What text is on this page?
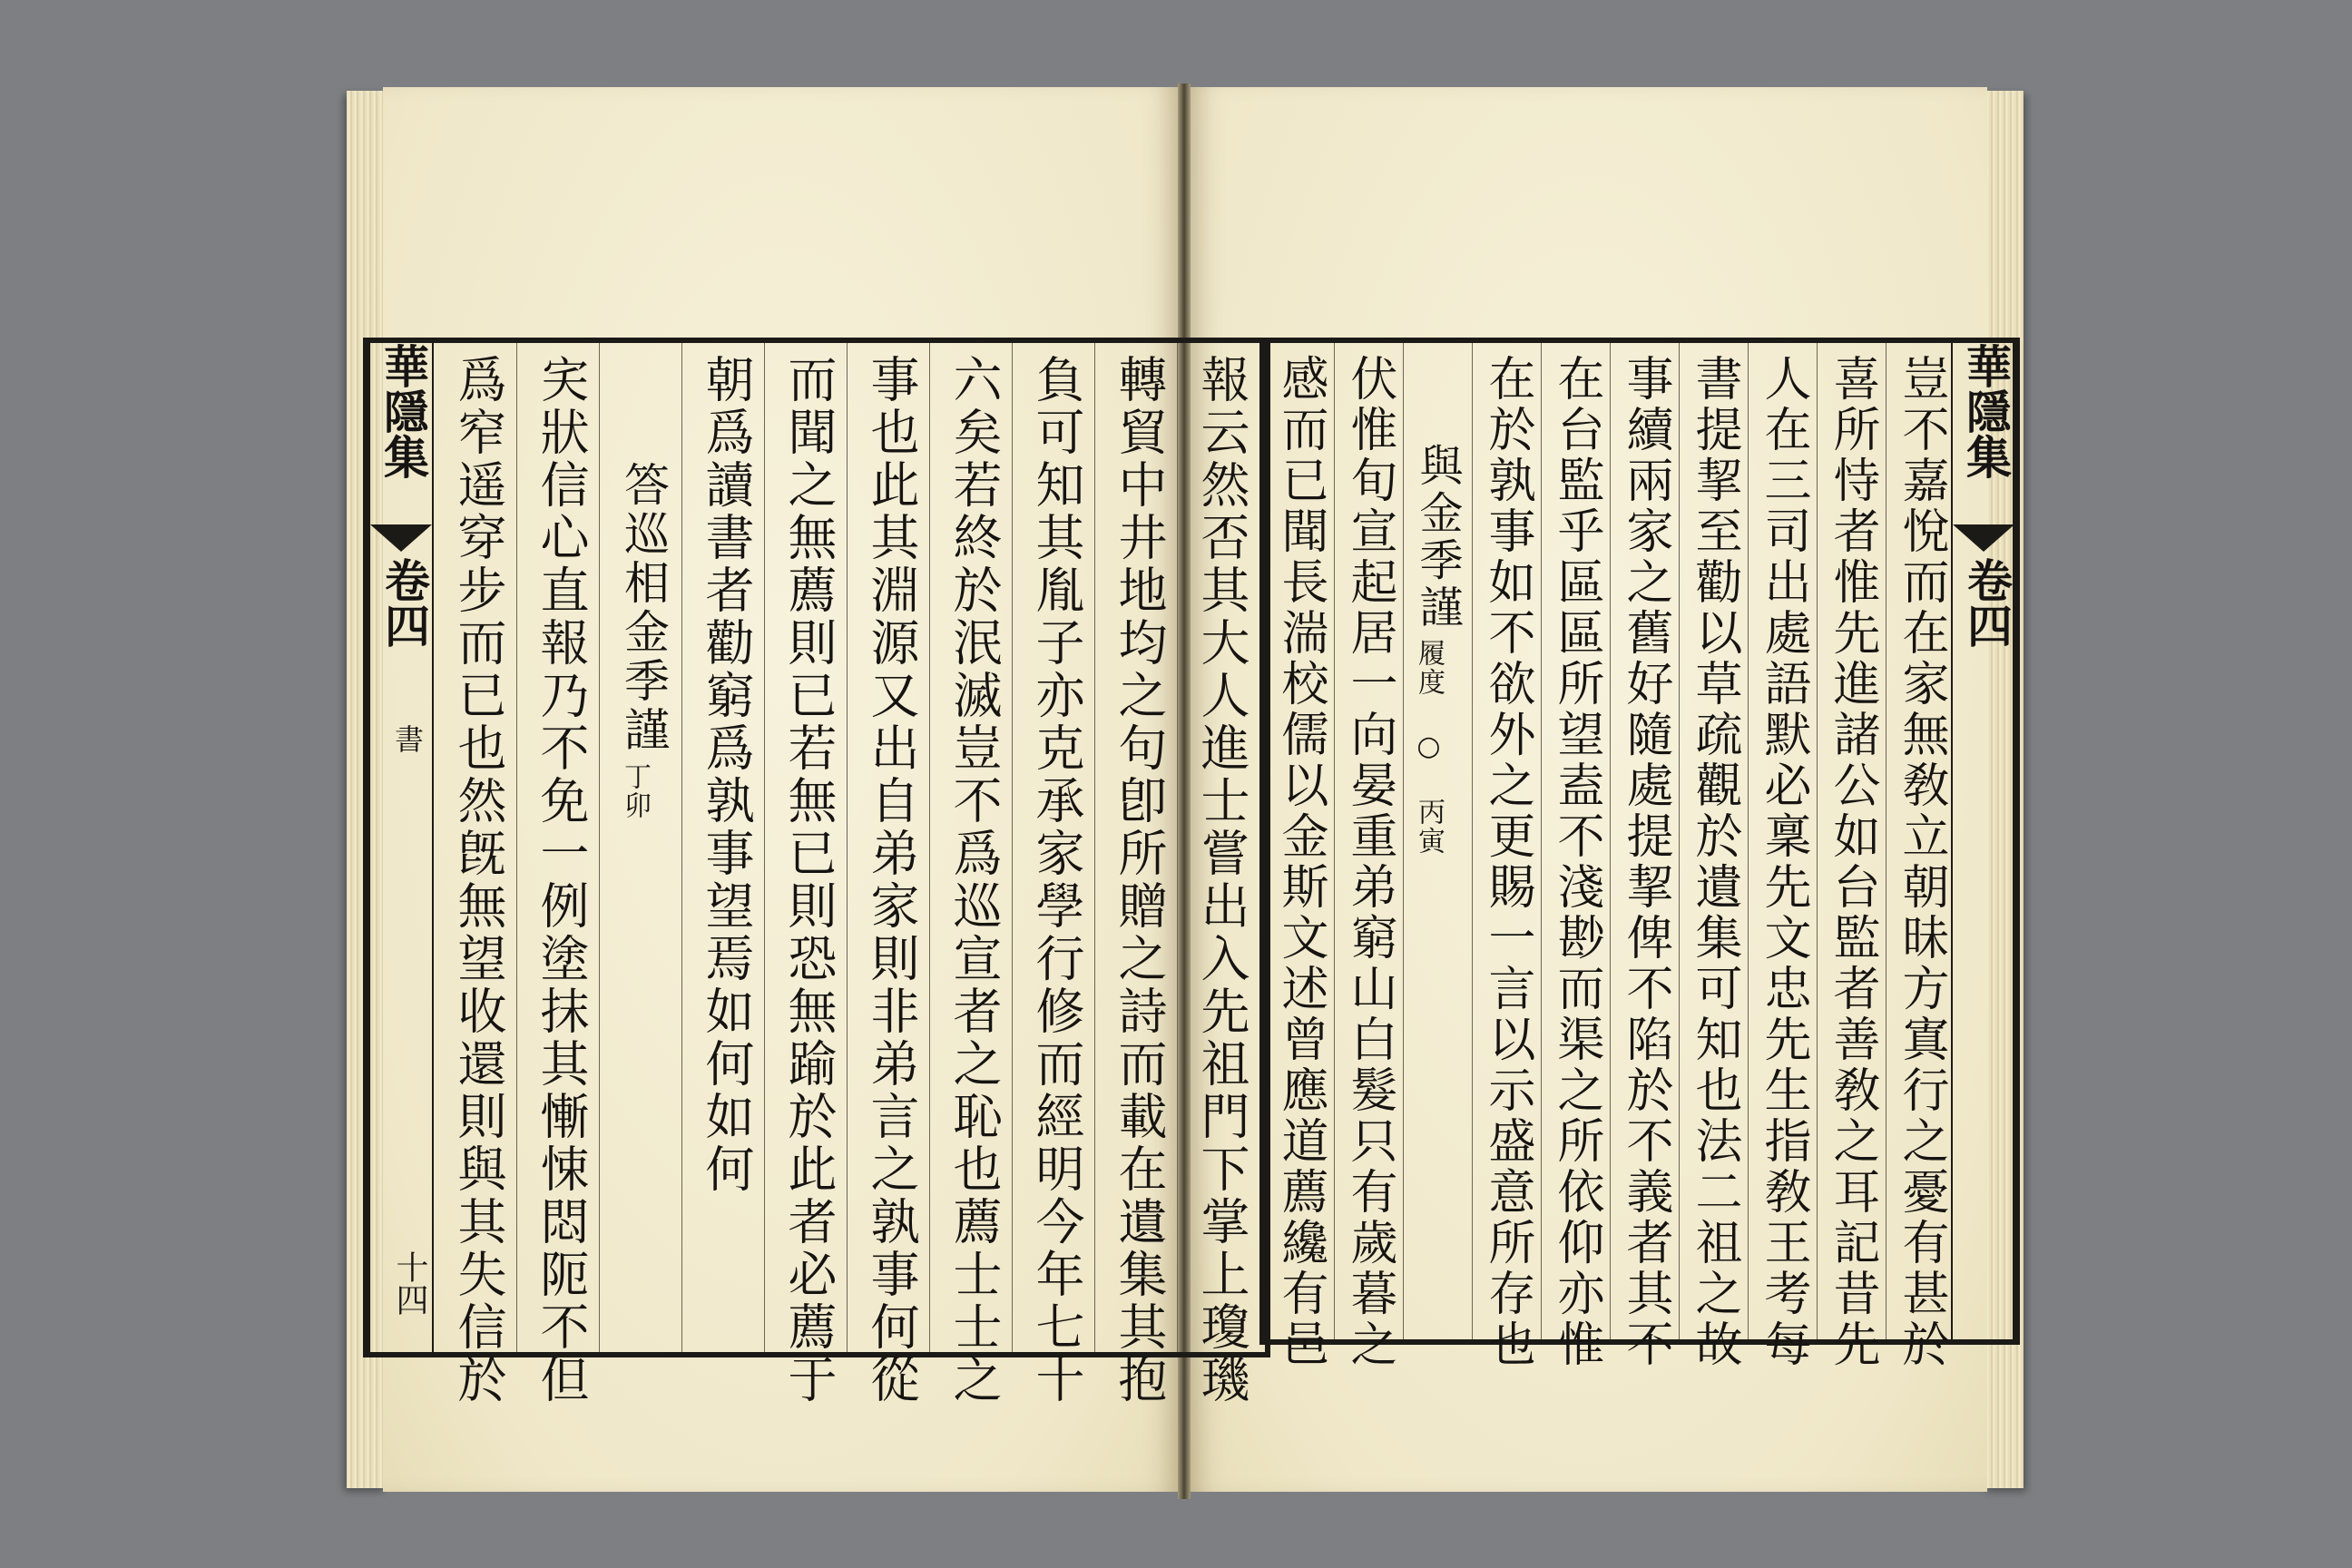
華隱集
卷四
書
十四	報云然否其大人進士嘗出入先祖門下掌上瓊璣
轉貿中井地均之句卽所贈之詩而載在遺集其抱
負可知其胤子亦克承家學行修而經明今年七十
六矣若終於泯滅豈不爲巡宣者之恥也薦士士之
事也此其淵源又出自弟家則非弟言之孰事何從
而聞之無薦則已若無已則恐無踰於此者必薦于
朝爲讀書者勸窮爲孰事望焉如何如何
答巡相金季謹
丁卯
宎狀信心直報乃不免一例塗抹其慚悚悶阨不但
爲窄遥穿步而已也然旣無望收還則與其失信於	豈不嘉悅而在家無敎立朝昧方寘行之憂有甚於
喜所恃者惟先進諸公如台監者善敎之耳記昔先
人在三司出處語默必稟先文忠先生指敎王考每
書提挈至勸以草疏觀於遺集可知也法二祖之故
事續兩家之舊好隨處提挈俾不陷於不義者其不
在台監乎區區所望盍不淺尠而渠之所依仰亦惟
在於孰事如不欲外之更賜一言以示盛意所存也
與金季謹
履度 ○ 丙寅
伏惟旬宣起居一向晏重弟窮山白髮只有歲暮之
感而已聞長湍校儒以金斯文述曾應道薦纔有邑	華隱集
卷四
